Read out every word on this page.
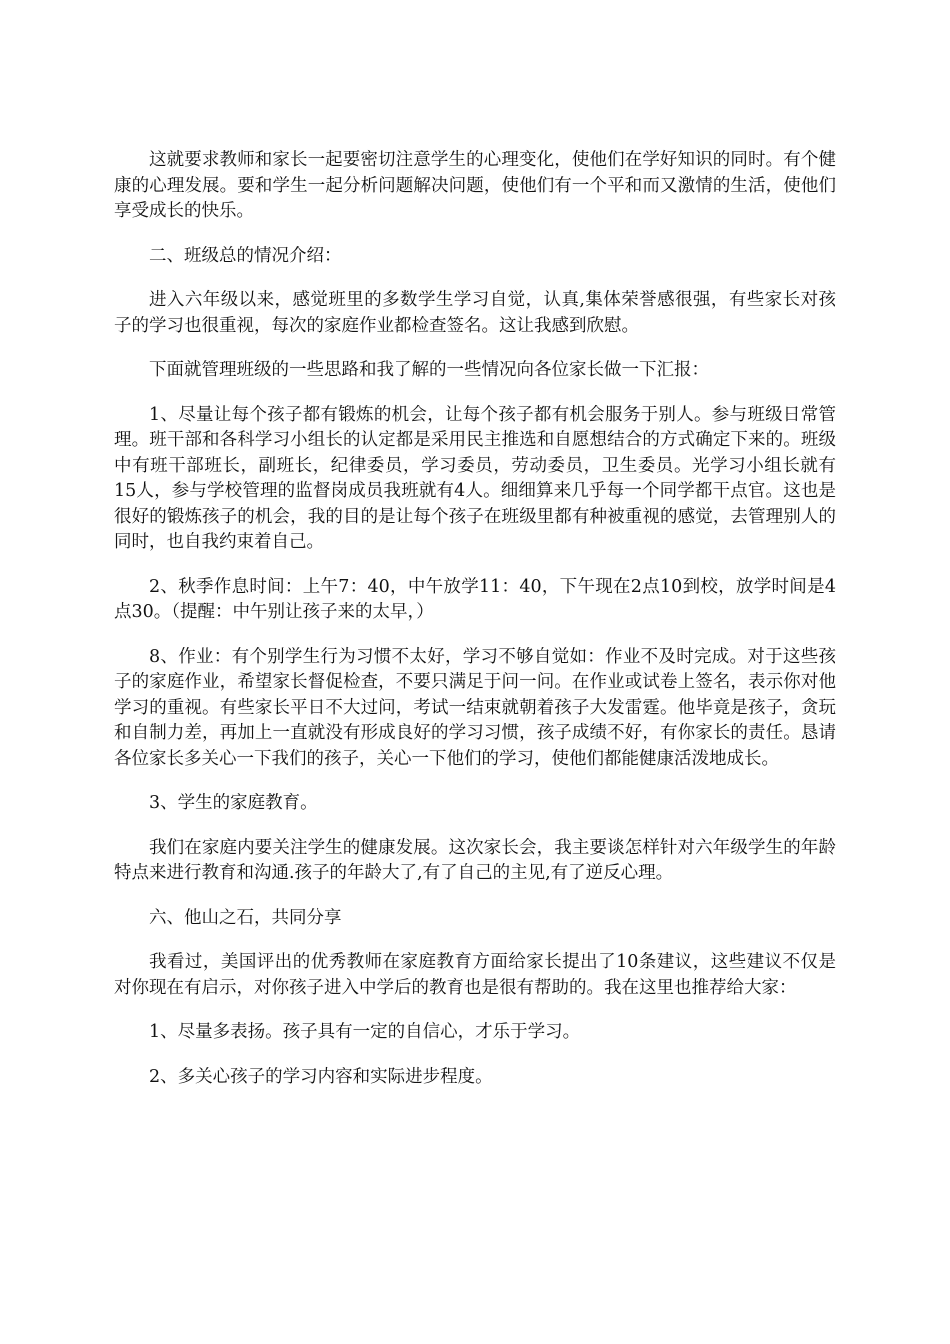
这就要求教师和家长一起要密切注意学生的心理变化，使他们在学好知识的同时。有个健康的心理发展。要和学生一起分析问题解决问题，使他们有一个平和而又激情的生活，使他们享受成长的快乐。

二、班级总的情况介绍：

进入六年级以来，感觉班里的多数学生学习自觉，认真,集体荣誉感很强，有些家长对孩子的学习也很重视，每次的家庭作业都检查签名。这让我感到欣慰。

下面就管理班级的一些思路和我了解的一些情况向各位家长做一下汇报：

1、尽量让每个孩子都有锻炼的机会，让每个孩子都有机会服务于别人。参与班级日常管理。班干部和各科学习小组长的认定都是采用民主推选和自愿想结合的方式确定下来的。班级中有班干部班长，副班长，纪律委员，学习委员，劳动委员，卫生委员。光学习小组长就有15人，参与学校管理的监督岗成员我班就有4人。细细算来几乎每一个同学都干点官。这也是很好的锻炼孩子的机会，我的目的是让每个孩子在班级里都有种被重视的感觉，去管理别人的同时，也自我约束着自己。

2、秋季作息时间：上午7：40，中午放学11：40，下午现在2点10到校，放学时间是4点30。（提醒：中午别让孩子来的太早，）

8、作业：有个别学生行为习惯不太好，学习不够自觉如：作业不及时完成。对于这些孩子的家庭作业，希望家长督促检查，不要只满足于问一问。在作业或试卷上签名，表示你对他学习的重视。有些家长平日不大过问，考试一结束就朝着孩子大发雷霆。他毕竟是孩子，贪玩和自制力差，再加上一直就没有形成良好的学习习惯，孩子成绩不好，有你家长的责任。恳请各位家长多关心一下我们的孩子，关心一下他们的学习，使他们都能健康活泼地成长。

3、学生的家庭教育。

我们在家庭内要关注学生的健康发展。这次家长会，我主要谈怎样针对六年级学生的年龄特点来进行教育和沟通.孩子的年龄大了,有了自己的主见,有了逆反心理。

六、他山之石，共同分享

我看过，美国评出的优秀教师在家庭教育方面给家长提出了10条建议，这些建议不仅是对你现在有启示，对你孩子进入中学后的教育也是很有帮助的。我在这里也推荐给大家：

1、尽量多表扬。孩子具有一定的自信心，才乐于学习。

2、多关心孩子的学习内容和实际进步程度。
